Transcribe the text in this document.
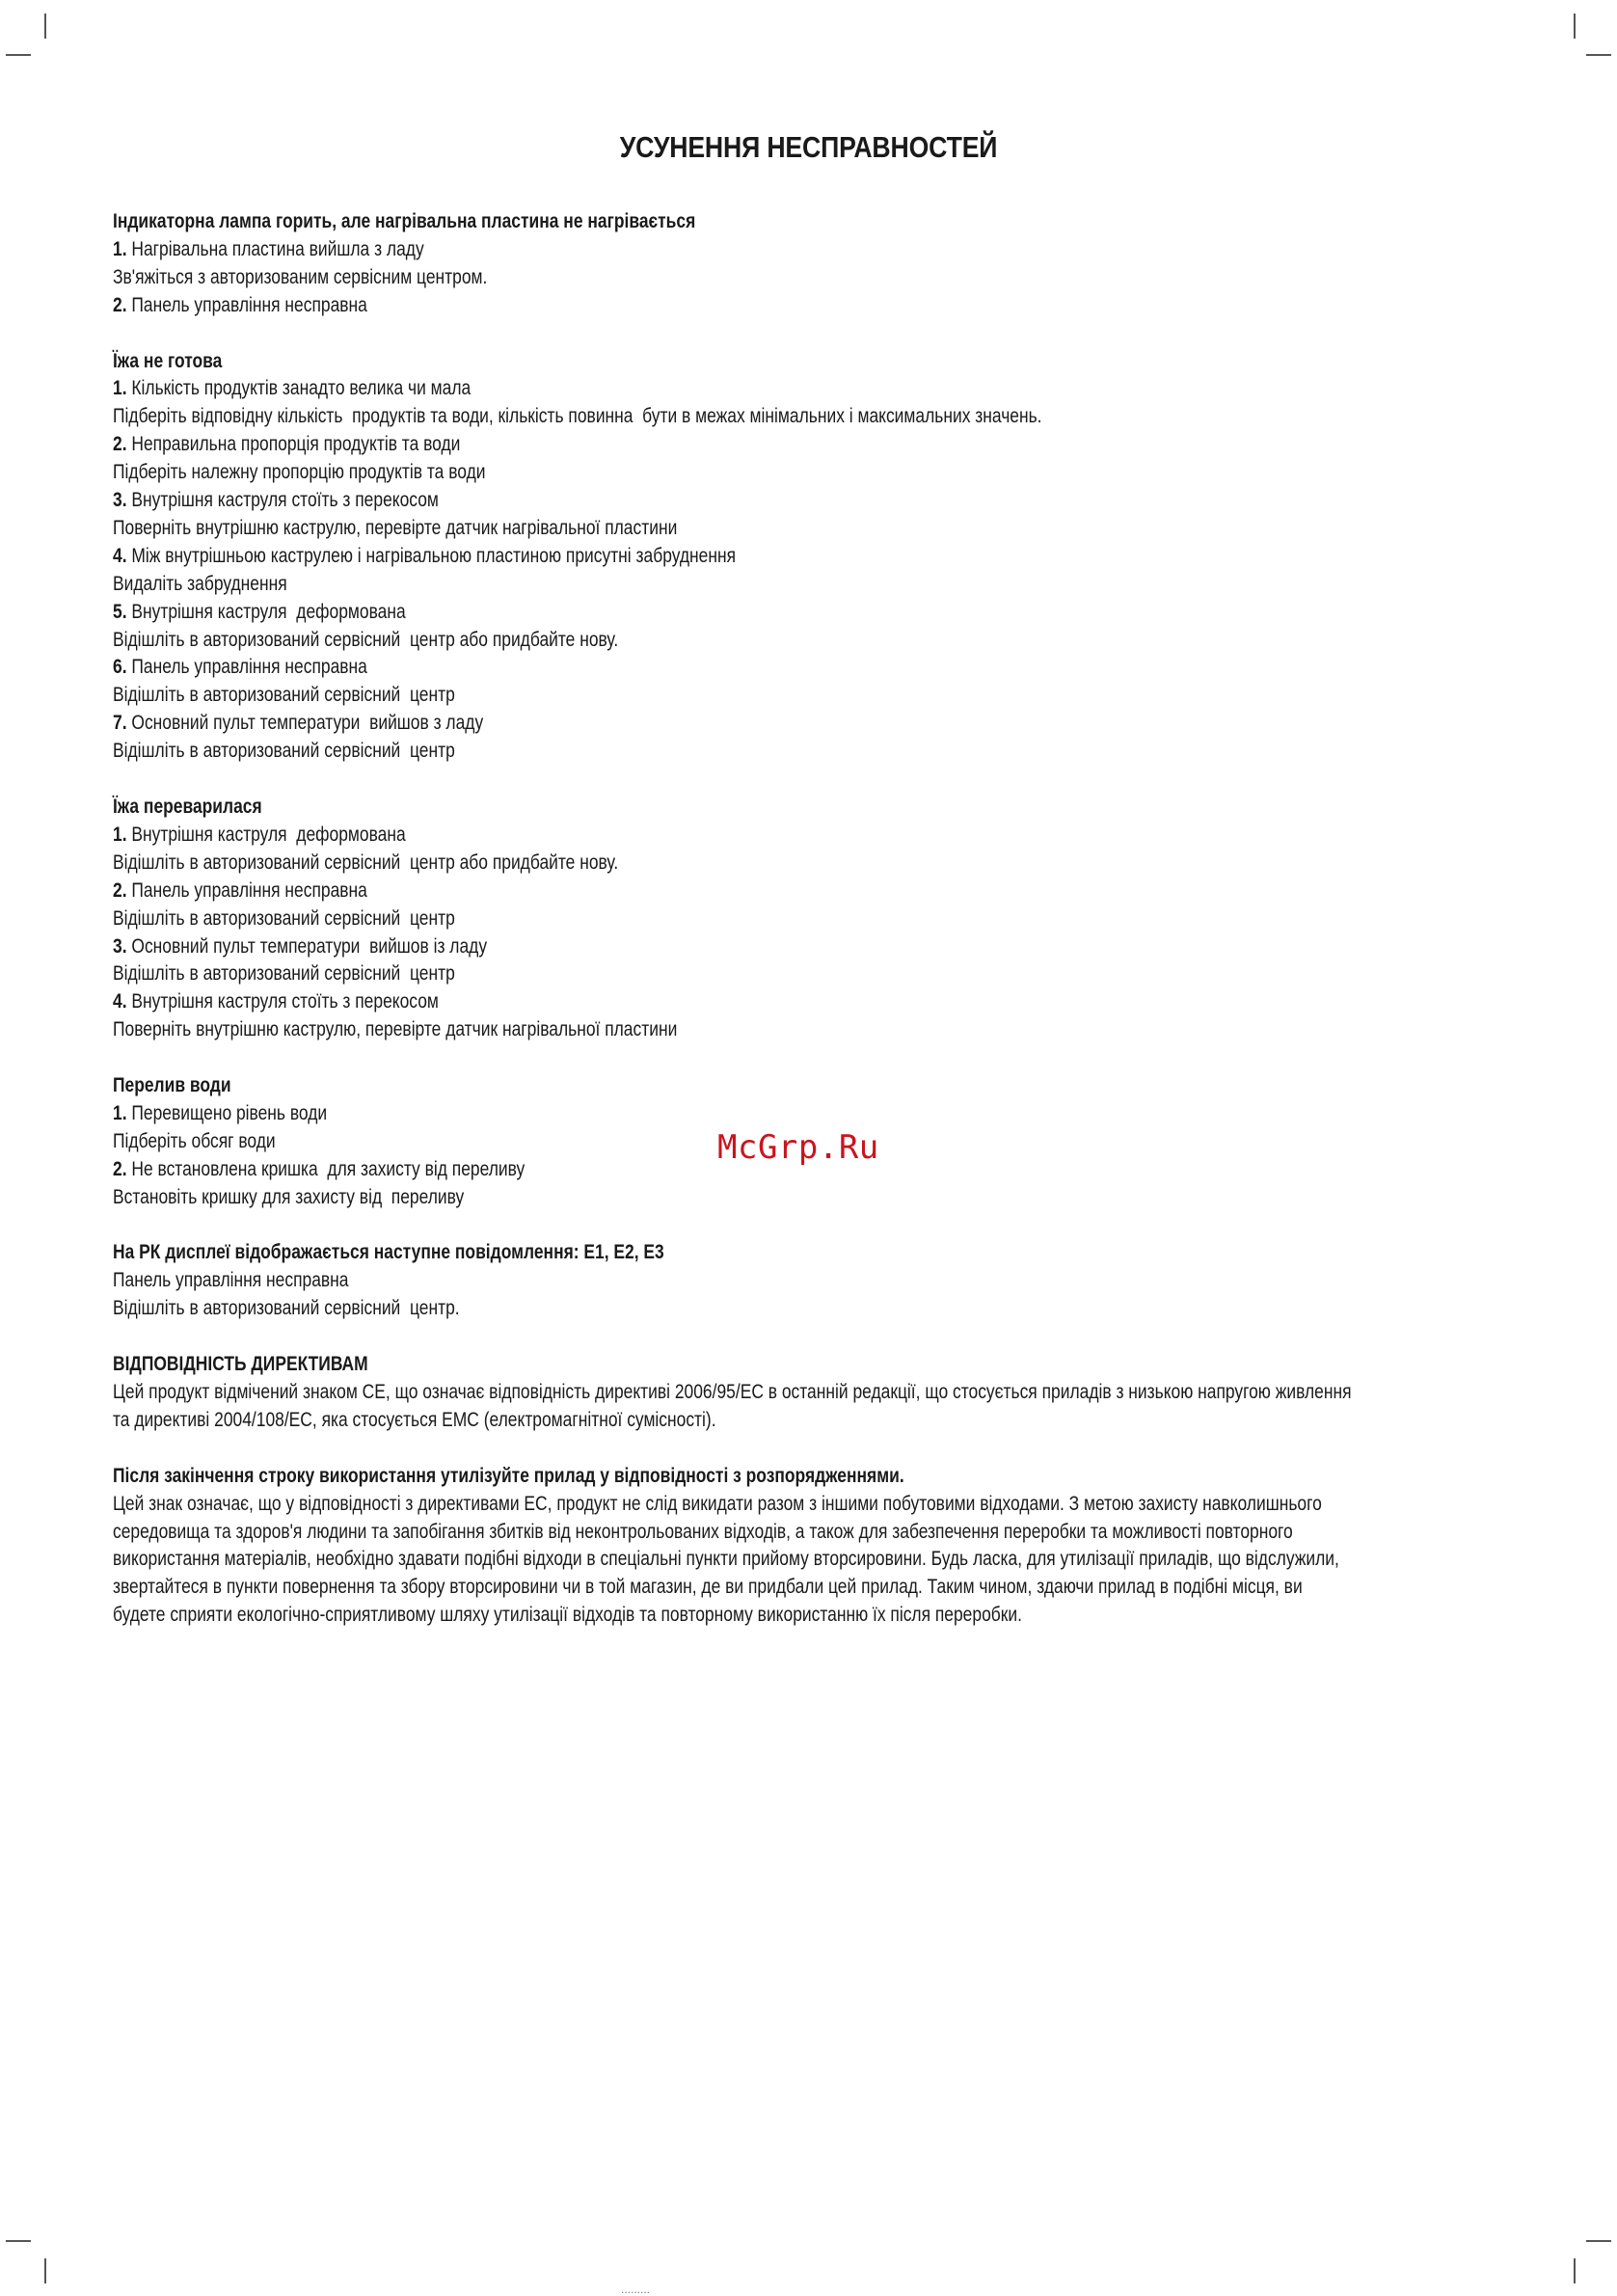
УСУНЕННЯ НЕСПРАВНОСТЕЙ
Індикаторна лампа горить, але нагрівальна пластина не нагрівається
1. Нагрівальна пластина вийшла з ладу
Зв'яжіться з авторизованим сервісним центром.
2. Панель управління несправна
Їжа не готова
1. Кількість продуктів занадто велика чи мала
Підберіть відповідну кількість  продуктів та води, кількість повинна  бути в межах мінімальних і максимальних значень.
2. Неправильна пропорція продуктів та води
Підберіть належну пропорцію продуктів та води
3. Внутрішня каструля стоїть з перекосом
Поверніть внутрішню каструлю, перевірте датчик нагрівальної пластини
4. Між внутрішньою каструлею і нагрівальною пластиною присутні забруднення
Видаліть забруднення
5. Внутрішня каструля  деформована
Відішліть в авторизований сервісний  центр або придбайте нову.
6. Панель управління несправна
Відішліть в авторизований сервісний  центр
7. Основний пульт температури  вийшов з ладу
Відішліть в авторизований сервісний  центр
Їжа переварилася
1. Внутрішня каструля  деформована
Відішліть в авторизований сервісний  центр або придбайте нову.
2. Панель управління несправна
Відішліть в авторизований сервісний  центр
3. Основний пульт температури  вийшов із ладу
Відішліть в авторизований сервісний  центр
4. Внутрішня каструля стоїть з перекосом
Поверніть внутрішню каструлю, перевірте датчик нагрівальної пластини
Перелив води
1. Перевищено рівень води
Підберіть обсяг води
2. Не встановлена кришка  для захисту від переливу
Встановіть кришку для захисту від  переливу
На РК дисплеї відображається наступне повідомлення: Е1, Е2, Е3
Панель управління несправна
Відішліть в авторизований сервісний  центр.
ВІДПОВІДНІСТЬ ДИРЕКТИВАМ
Цей продукт відмічений знаком CE, що означає відповідність директиві 2006/95/ЕС в останній редакції, що стосується приладів з низькою напругою живлення
та директиві 2004/108/ЕС, яка стосується ЕМС (електромагнітної сумісності).
Після закінчення строку використання утилізуйте прилад у відповідності з розпорядженнями.
Цей знак означає, що у відповідності з директивами ЕС, продукт не слід викидати разом з іншими побутовими відходами. З метою захисту навколишнього
середовища та здоров'я людини та запобігання збитків від неконтрольованих відходів, а також для забезпечення переробки та можливості повторного
використання матеріалів, необхідно здавати подібні відходи в спеціальні пункти прийому вторсировини. Будь ласка, для утилізації приладів, що відслужили,
звертайтеся в пункти повернення та збору вторсировини чи в той магазин, де ви придбали цей прилад. Таким чином, здаючи прилад в подібні місця, ви
будете сприяти екологічно-сприятливому шляху утилізації відходів та повторному використанню їх після переробки.
McGrp.Ru
.........
